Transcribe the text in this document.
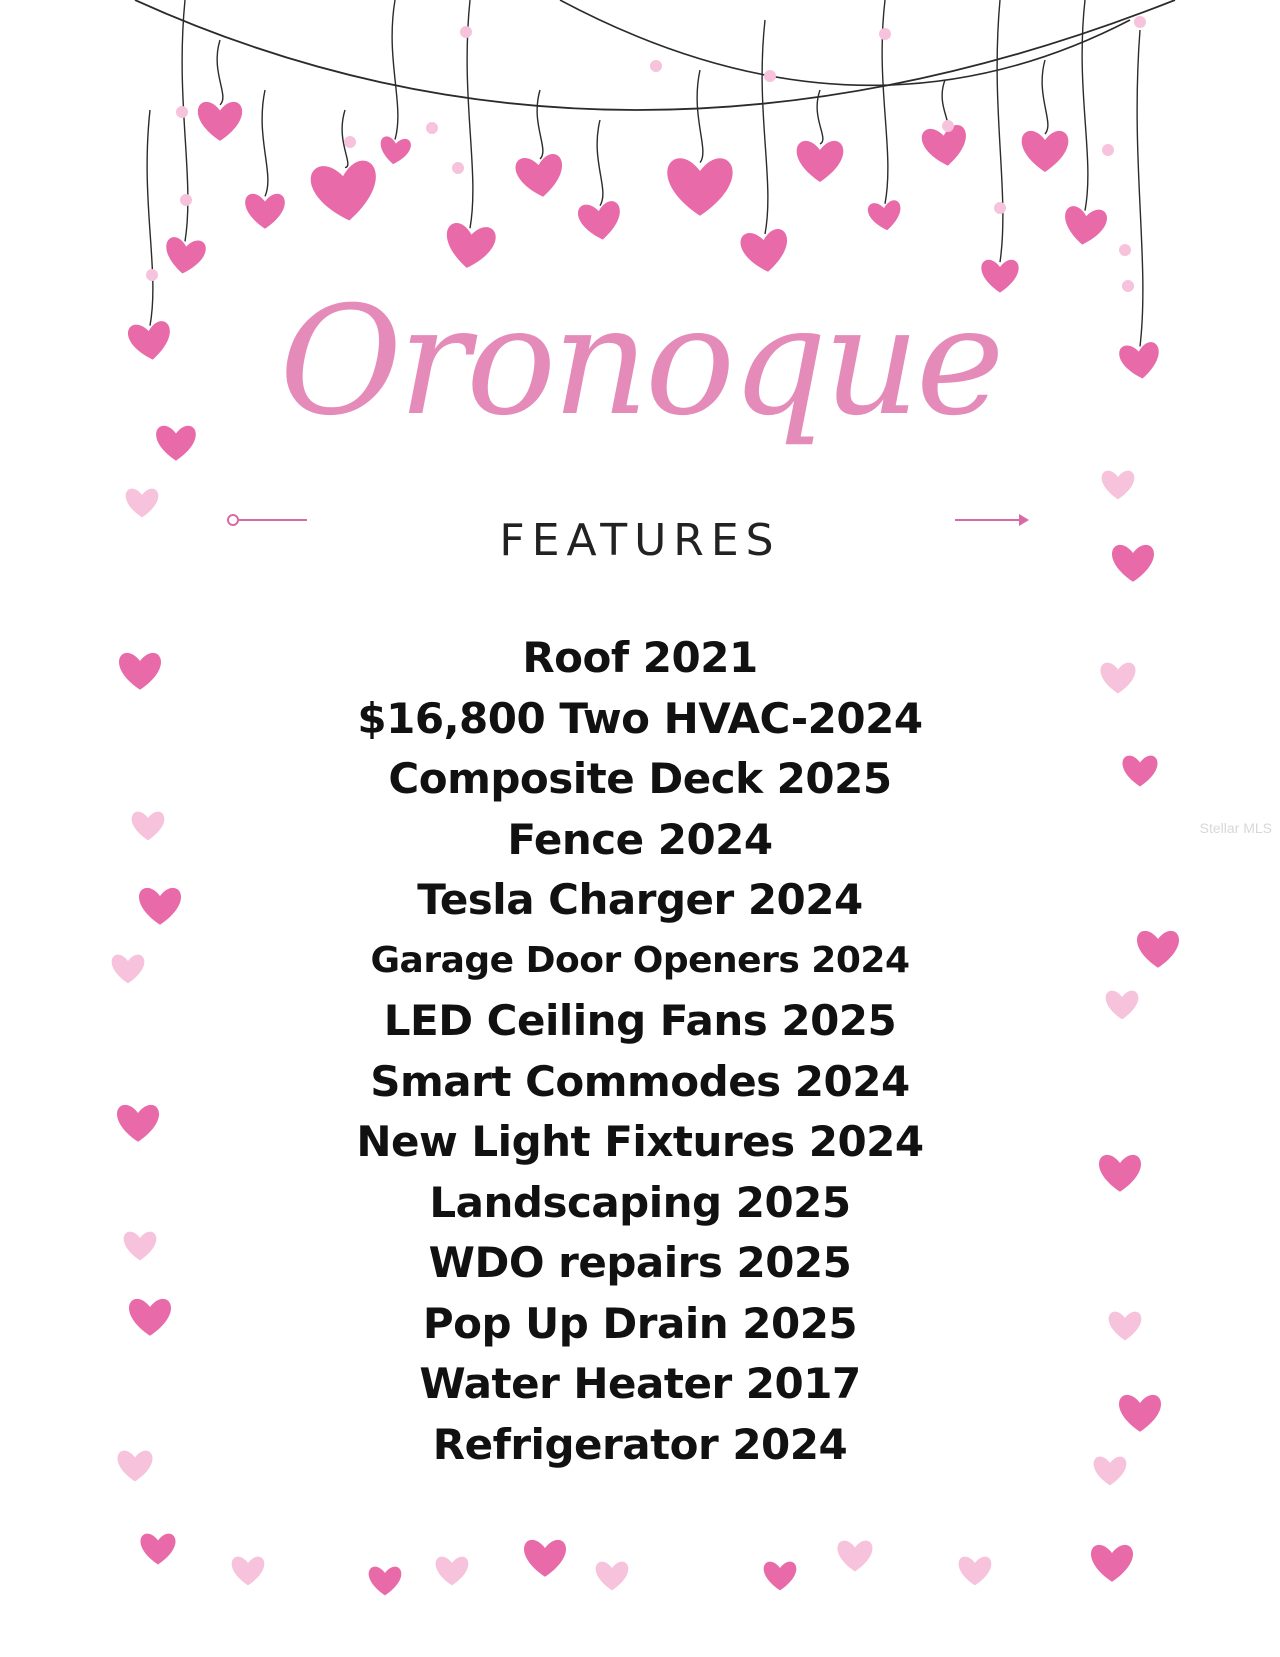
Oronoque
FEATURES
Roof 2021
$16,800 Two HVAC-2024
Composite Deck 2025
Fence 2024
Tesla Charger 2024
Garage Door Openers 2024
LED Ceiling Fans 2025
Smart Commodes 2024
New Light Fixtures 2024
Landscaping 2025
WDO repairs 2025
Pop Up Drain 2025
Water Heater 2017
Refrigerator 2024
Stellar MLS
